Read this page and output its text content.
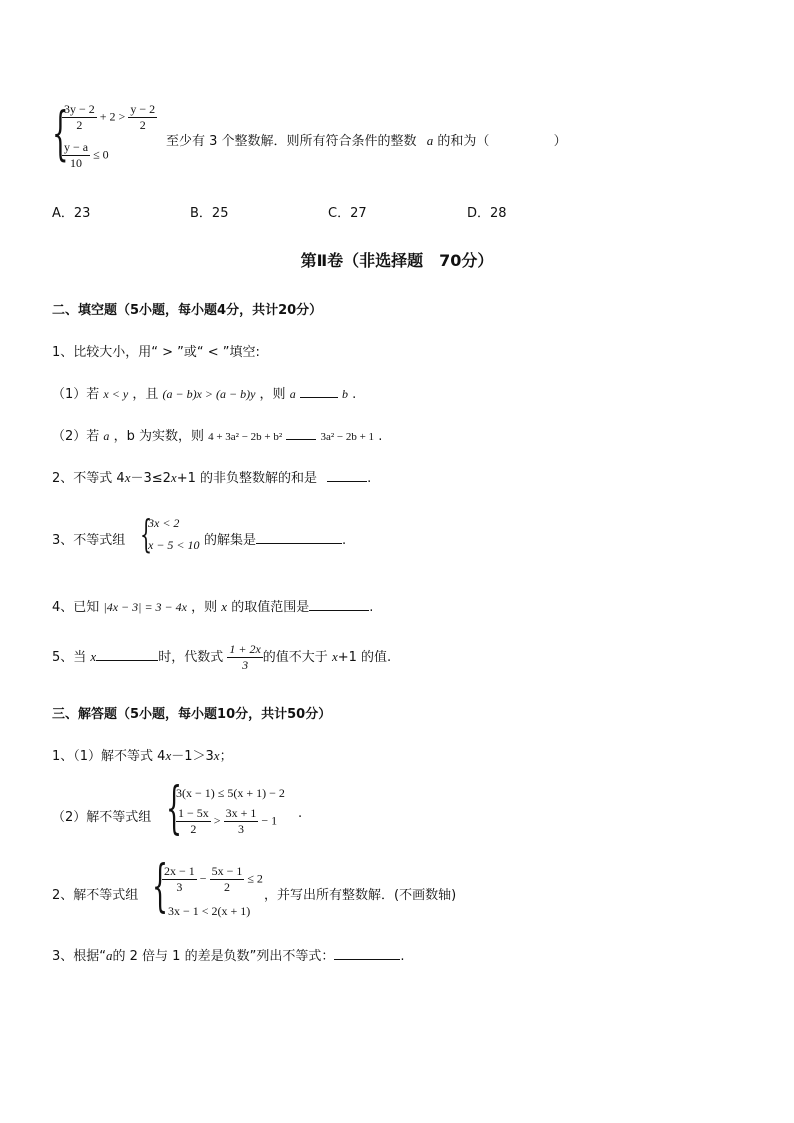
{
$\frac{3y - 2}{2} + 2 > \frac{y - 2}{2}$
$\frac{y - a}{10} \le 0$
至少有 3 个整数解．则所有符合条件的整数 a 的和为（	）
A．23	B．25	C．27	D．28
第Ⅱ卷（非选择题　70分）
二、填空题（5小题，每小题4分，共计20分）
1、比较大小，用“ > ”或“ < ”填空:
（1）若 x < y ，且 (a − b)x > (a − b)y ，则 a	b .
（2）若 a ，b 为实数，则 4 + 3a² − 2b + b²	3a² − 2b + 1 .
2、不等式 4x－3≤2x+1 的非负整数解的和是	.
3、不等式组 {
3x < 2
x − 5 < 10 的解集是	.
4、已知 |4x − 3| = 3 − 4x ，则 x 的取值范围是	.
5、当 x	时，代数式 $\frac{1 + 2x}{3}$ 的值不大于 x+1 的值.
三、解答题（5小题，每小题10分，共计50分）
1、（1）解不等式 4x－1＞3x；
（2）解不等式组 {
3(x − 1) ≤ 5(x + 1) − 2
$\frac{1 - 5x}{2} > \frac{3x + 1}{3} - 1$ .
2、解不等式组 {
$\frac{2x - 1}{3} - \frac{5x - 1}{2} \le 2$
3x − 1 < 2(x + 1)
，并写出所有整数解．(不画数轴)
3、根据“a的 2 倍与 1 的差是负数”列出不等式：	.
